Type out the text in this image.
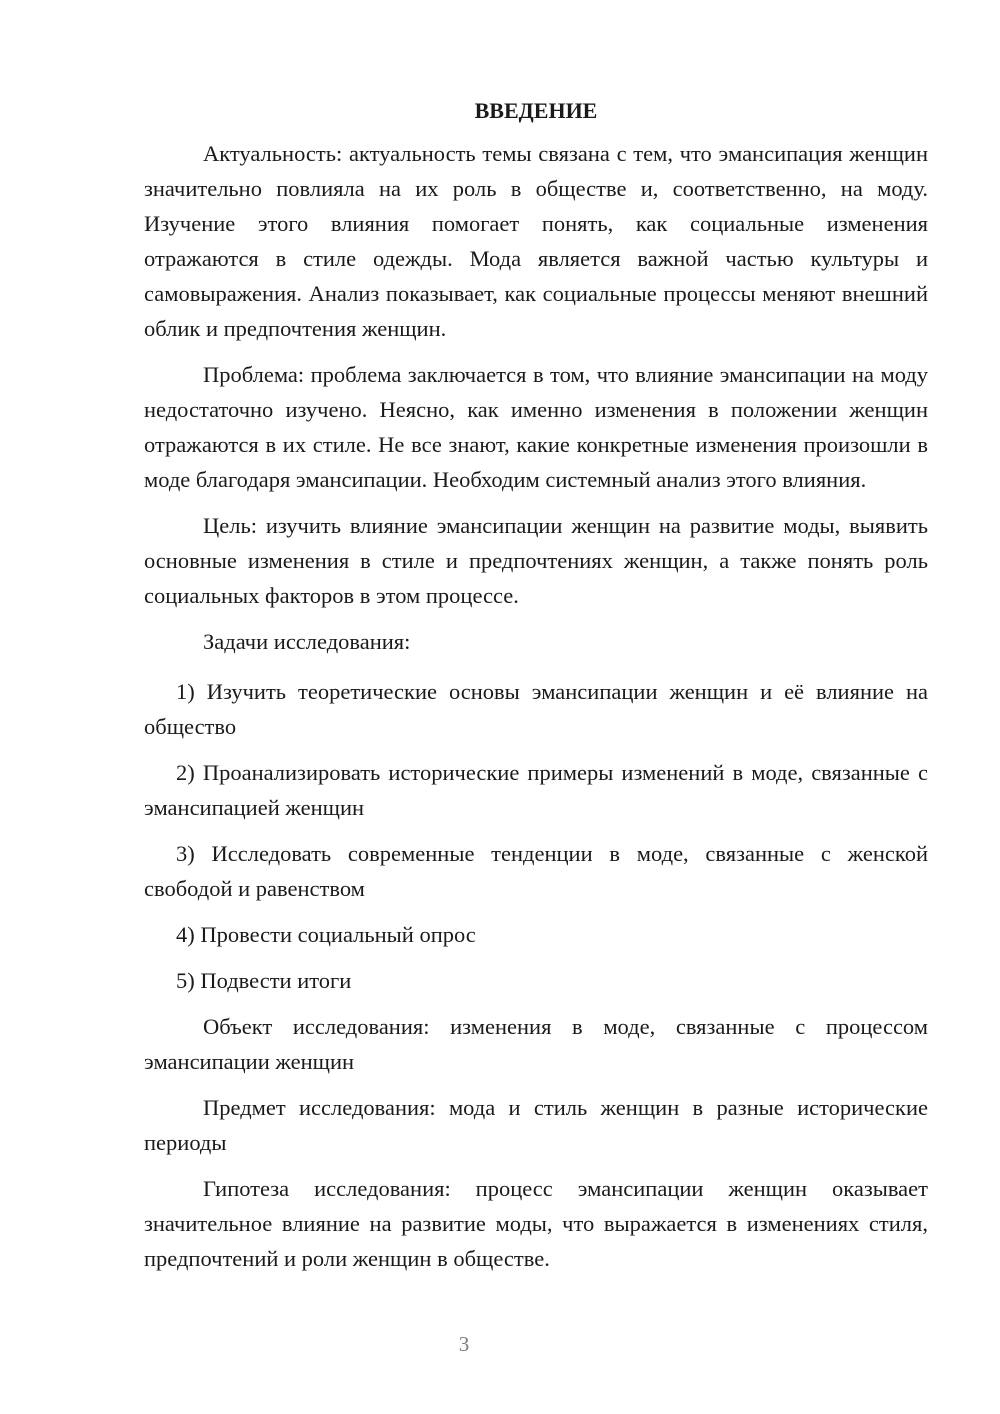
ВВЕДЕНИЕ

Актуальность: актуальность темы связана с тем, что эмансипация женщин значительно повлияла на их роль в обществе и, соответственно, на моду. Изучение этого влияния помогает понять, как социальные изменения отражаются в стиле одежды. Мода является важной частью культуры и самовыражения. Анализ показывает, как социальные процессы меняют внешний облик и предпочтения женщин.

Проблема: проблема заключается в том, что влияние эмансипации на моду недостаточно изучено. Неясно, как именно изменения в положении женщин отражаются в их стиле. Не все знают, какие конкретные изменения произошли в моде благодаря эмансипации. Необходим системный анализ этого влияния.

Цель: изучить влияние эмансипации женщин на развитие моды, выявить основные изменения в стиле и предпочтениях женщин, а также понять роль социальных факторов в этом процессе.

Задачи исследования:

1) Изучить теоретические основы эмансипации женщин и её влияние на общество

2) Проанализировать исторические примеры изменений в моде, связанные с эмансипацией женщин

3) Исследовать современные тенденции в моде, связанные с женской свободой и равенством

4) Провести социальный опрос

5) Подвести итоги

Объект исследования: изменения в моде, связанные с процессом эмансипации женщин

Предмет исследования: мода и стиль женщин в разные исторические периоды

Гипотеза исследования: процесс эмансипации женщин оказывает значительное влияние на развитие моды, что выражается в изменениях стиля, предпочтений и роли женщин в обществе.

3
